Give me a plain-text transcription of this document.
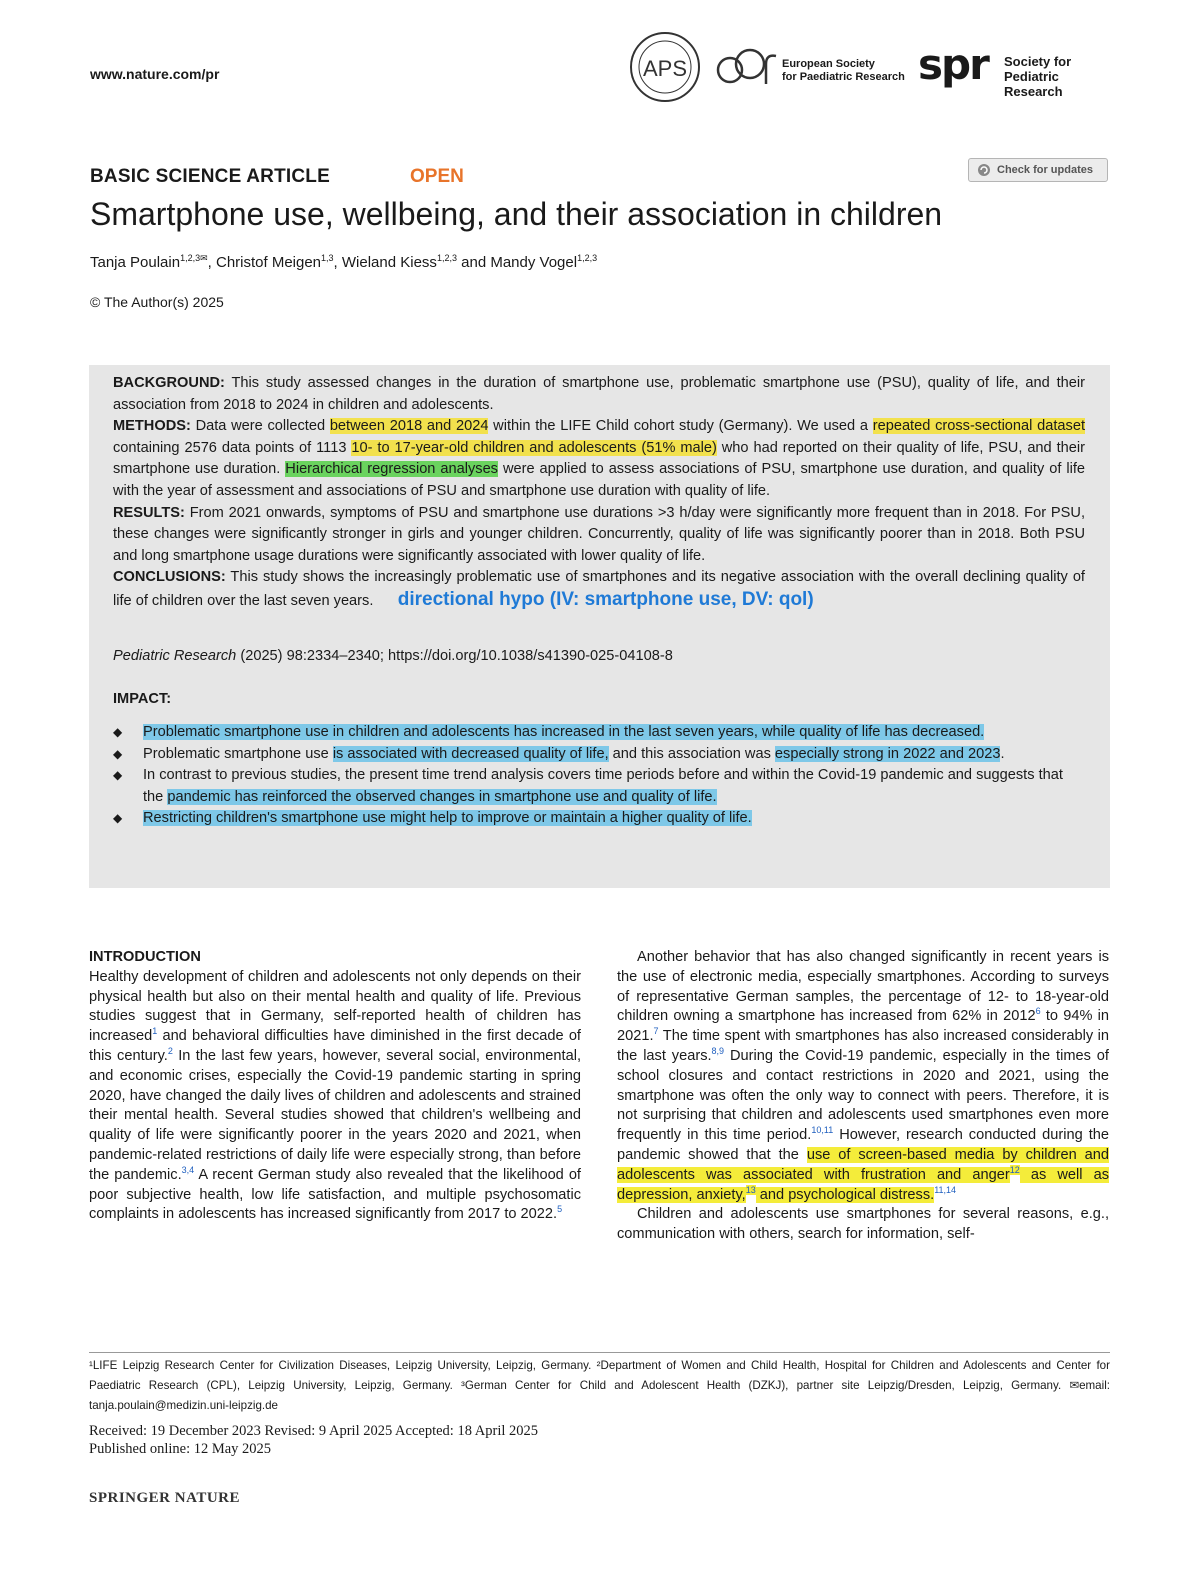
www.nature.com/pr	APS	European Society
for Paediatric Research spr Society for
Pediatric Research
BASIC SCIENCE ARTICLE	OPEN	Check for updates
Smartphone use, wellbeing, and their association in children
Tanja Poulain$^{1,2,3✉}$, Christof Meigen$^{1,3}$, Wieland Kiess$^{1,2,3}$ and Mandy Vogel$^{1,2,3}$
© The Author(s) 2025
BACKGROUND: This study assessed changes in the duration of smartphone use, problematic smartphone use (PSU), quality of life, and their association from 2018 to 2024 in children and adolescents.
METHODS: Data were collected between 2018 and 2024 within the LIFE Child cohort study (Germany). We used a repeated cross-sectional dataset containing 2576 data points of 1113 10- to 17-year-old children and adolescents (51% male) who had reported on their quality of life, PSU, and their smartphone use duration. Hierarchical regression analyses were applied to assess associations of PSU, smartphone use duration, and quality of life with the year of assessment and associations of PSU and smartphone use duration with quality of life.
RESULTS: From 2021 onwards, symptoms of PSU and smartphone use durations >3 h/day were significantly more frequent than in 2018. For PSU, these changes were significantly stronger in girls and younger children. Concurrently, quality of life was significantly poorer than in 2018. Both PSU and long smartphone usage durations were significantly associated with lower quality of life.
CONCLUSIONS: This study shows the increasingly problematic use of smartphones and its negative association with the overall declining quality of life of children over the last seven years. directional hypo (IV: smartphone use, DV: qol)
Pediatric Research (2025) 98:2334–2340; https://doi.org/10.1038/s41390-025-04108-8
IMPACT:
◆ Problematic smartphone use in children and adolescents has increased in the last seven years, while quality of life has decreased.
◆ Problematic smartphone use is associated with decreased quality of life, and this association was especially strong in 2022 and 2023.
◆ In contrast to previous studies, the present time trend analysis covers time periods before and within the Covid-19 pandemic and suggests that the pandemic has reinforced the observed changes in smartphone use and quality of life.
◆ Restricting children's smartphone use might help to improve or maintain a higher quality of life.
INTRODUCTION

Healthy development of children and adolescents not only depends on their physical health but also on their mental health and quality of life. Previous studies suggest that in Germany, self-reported health of children has increased$^1$ and behavioral difficulties have diminished in the first decade of this century.$^2$ In the last few years, however, several social, environmental, and economic crises, especially the Covid-19 pandemic starting in spring 2020, have changed the daily lives of children and adolescents and strained their mental health. Several studies showed that children's wellbeing and quality of life were significantly poorer in the years 2020 and 2021, when pandemic-related restrictions of daily life were especially strong, than before the pandemic.$^{3,4}$ A recent German study also revealed that the likelihood of poor subjective health, low life satisfaction, and multiple psychosomatic complaints in adolescents has increased significantly from 2017 to 2022.$^5$

Another behavior that has also changed significantly in recent years is the use of electronic media, especially smartphones. According to surveys of representative German samples, the percentage of 12- to 18-year-old children owning a smartphone has increased from 62% in 2012$^6$ to 94% in 2021.$^7$ The time spent with smartphones has also increased considerably in the last years.$^{8,9}$ During the Covid-19 pandemic, especially in the times of school closures and contact restrictions in 2020 and 2021, using the smartphone was often the only way to connect with peers. Therefore, it is not surprising that children and adolescents used smartphones even more frequently in this time period.$^{10,11}$ However, research conducted during the pandemic showed that the use of screen-based media by children and adolescents was associated with frustration and anger$^{12}$ as well as depression, anxiety,$^{13}$ and psychological distress.$^{11,14}$

Children and adolescents use smartphones for several reasons, e.g., communication with others, search for information, self-

¹LIFE Leipzig Research Center for Civilization Diseases, Leipzig University, Leipzig, Germany. ²Department of Women and Child Health, Hospital for Children and Adolescents and Center for Paediatric Research (CPL), Leipzig University, Leipzig, Germany. ³German Center for Child and Adolescent Health (DZKJ), partner site Leipzig/Dresden, Leipzig, Germany. ✉email: tanja.poulain@medizin.uni-leipzig.de
Received: 19 December 2023 Revised: 9 April 2025 Accepted: 18 April 2025
Published online: 12 May 2025
SPRINGER NATURE
